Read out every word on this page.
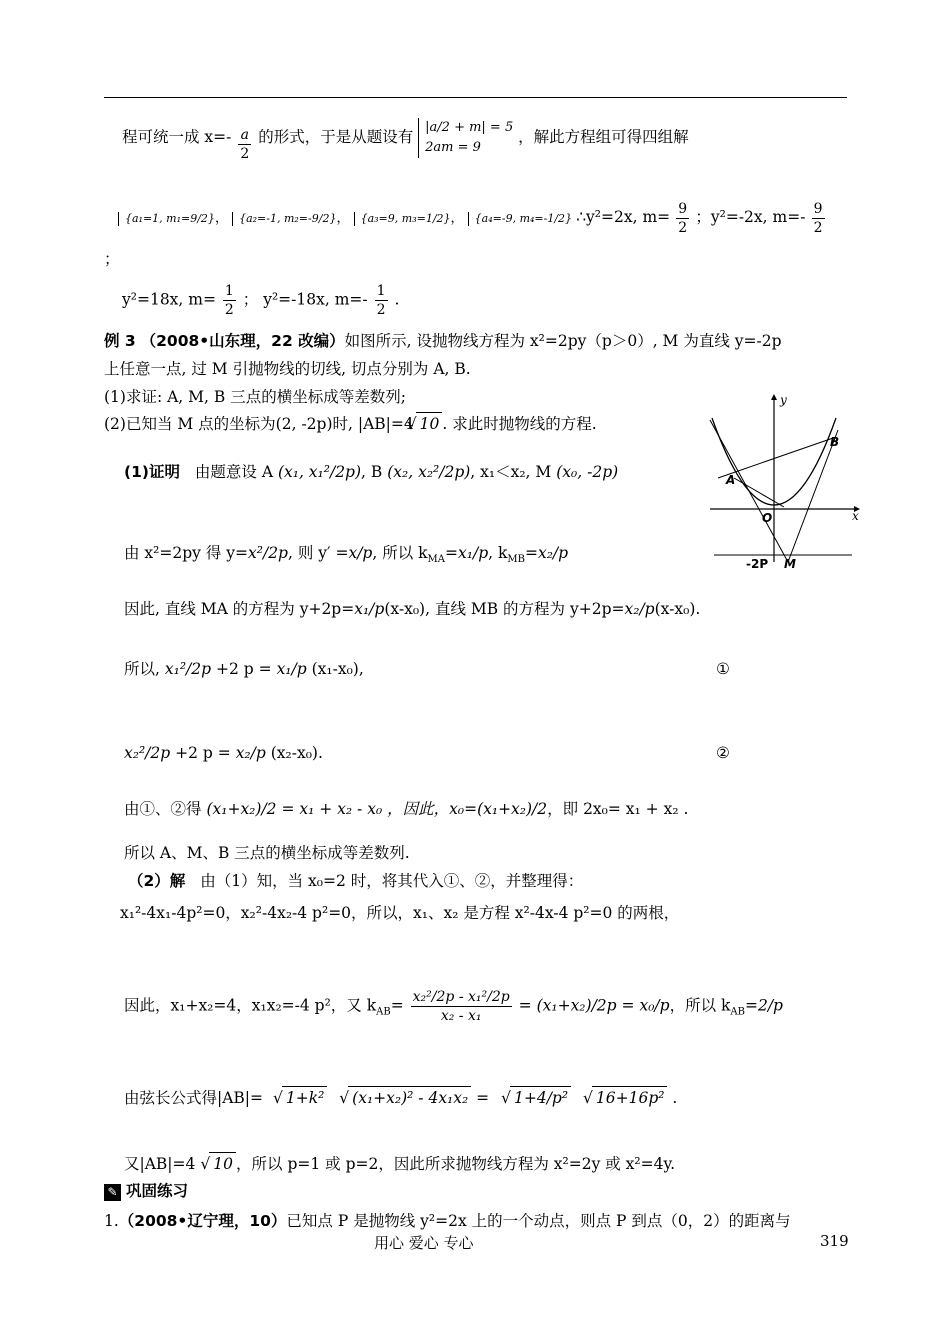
程可统一成 $x=- \frac{a}{2}$ 的形式，于是从题设有
|a/2 + m| = 5
2am = 9
，解此方程组可得四组解
{a₁=1, m₁=9/2}， {a₂=-1, m₂=-9/2}， {a₃=9, m₃=1/2}， {a₄=-9, m₄=-1/2} ∴y²=2x, $m= \frac{9}{2}$ ；y²=-2x, $m=- \frac{9}{2}$
；
y²=18x, $m= \frac{1}{2}$ ； y²=-18x, $m=- \frac{1}{2}$ .
例 3 （2008•山东理，22 改编）如图所示, 设抛物线方程为 x²=2py（p＞0）, M 为直线 y=-2p
上任意一点, 过 M 引抛物线的切线, 切点分别为 A, B.
(1)求证: A, M, B 三点的横坐标成等差数列;
(2)已知当 M 点的坐标为(2, -2p)时, |AB|=4 √ 10 . 求此时抛物线的方程.
y
x
A
B
O
M
-2P
(1)证明 由题意设 A (x₁, x₁²/2p), B (x₂, x₂²/2p), x₁＜x₂, M (x₀, -2p)
由 x²=2py 得 y=x²/2p, 则 y′ =x/p, 所以 $k_{MA}=x_1/p$, $k_{MB}=x_2/p$
因此, 直线 MA 的方程为 y+2p=x₁/p(x-x₀), 直线 MB 的方程为 y+2p=x₂/p(x-x₀).
所以, x₁²/2p +2 p = x₁/p (x₁-x₀),	①
x₂²/2p +2 p = x₂/p (x₂-x₀).	②
由①、②得 (x₁+x₂)/2 = x₁ + x₂ - x₀ ，因此，x₀=(x₁+x₂)/2，即 2x₀= x₁ + x₂ .
所以 A、M、B 三点的横坐标成等差数列.
（2）解 由（1）知，当 x₀=2 时，将其代入①、②，并整理得：
x₁²-4x₁-4p²=0，x₂²-4x₂-4 p²=0，所以，x₁、x₂ 是方程 x²-4x-4 p²=0 的两根，
因此，x₁+x₂=4，x₁x₂=-4 p²，又 $k_{AB}= \frac{\text{x₂²/2p - x₁²/2p}}{\text{x₂ - x₁}} = (x_1+x_2)/2p = x_0/p$，所以 $k_{AB}=2/p$
由弦长公式得|AB|= √ 1+k² √ (x₁+x₂)² - 4x₁x₂ = √ 1+4/p² √ 16+16p² .
又|AB|=4 √ 10 ，所以 p=1 或 p=2，因此所求抛物线方程为 x²=2y 或 x²=4y.
✎ 巩固练习
1.（2008•辽宁理，10）已知点 P 是抛物线 y²=2x 上的一个动点，则点 P 到点（0，2）的距离与
用心 爱心 专心	319
